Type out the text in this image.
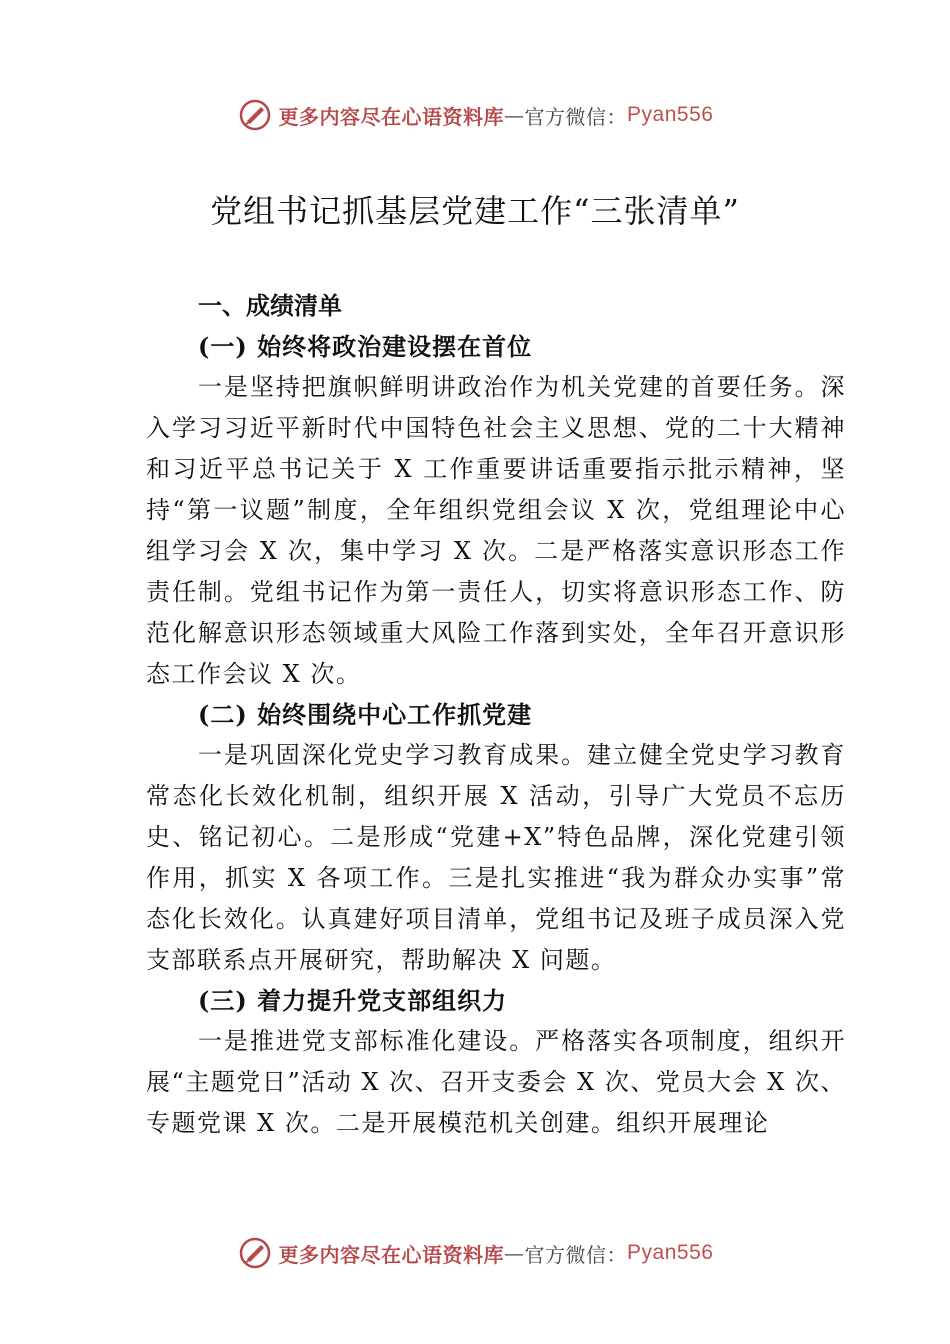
更多内容尽在心语资料库 — 官方微信： Pyan556
党组书记抓基层党建工作“三张清单”
一、成绩清单
(一) 始终将政治建设摆在首位

一是坚持把旗帜鲜明讲政治作为机关党建的首要任务。深入学习习近平新时代中国特色社会主义思想、党的二十大精神和习近平总书记关于 X 工作重要讲话重要指示批示精神，坚持“第一议题”制度，全年组织党组会议 X 次，党组理论中心组学习会 X 次，集中学习 X 次。二是严格落实意识形态工作责任制。党组书记作为第一责任人，切实将意识形态工作、防范化解意识形态领域重大风险工作落到实处，全年召开意识形态工作会议 X 次。

(二) 始终围绕中心工作抓党建

一是巩固深化党史学习教育成果。建立健全党史学习教育常态化长效化机制，组织开展 X 活动，引导广大党员不忘历史、铭记初心。二是形成“党建+X”特色品牌，深化党建引领作用，抓实 X 各项工作。三是扎实推进“我为群众办实事”常态化长效化。认真建好项目清单，党组书记及班子成员深入党支部联系点开展研究，帮助解决 X 问题。

(三) 着力提升党支部组织力

一是推进党支部标准化建设。严格落实各项制度，组织开展“主题党日”活动 X 次、召开支委会 X 次、党员大会 X 次、专题党课 X 次。二是开展模范机关创建。组织开展理论

更多内容尽在心语资料库 — 官方微信： Pyan556
